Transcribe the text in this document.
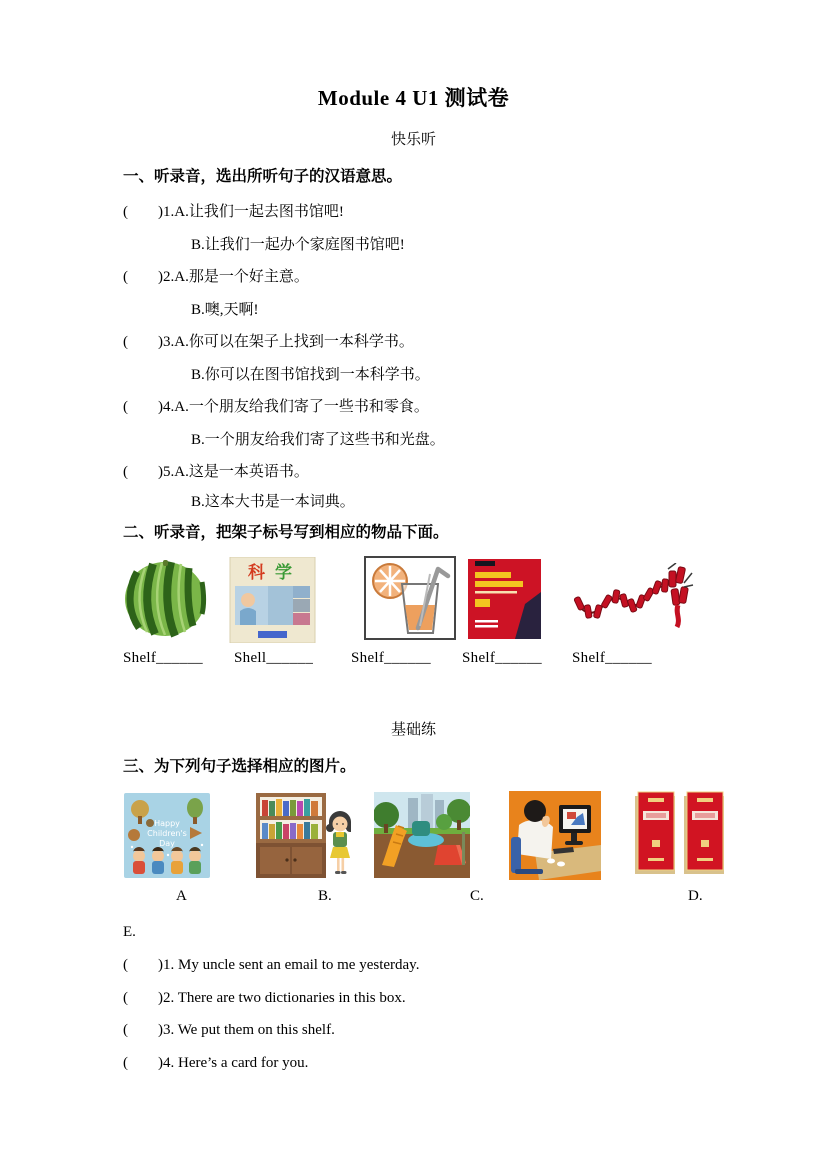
Module 4 U1 测试卷
快乐听
一、听录音，选出所听句子的汉语意思。
(        )1.A.让我们一起去图书馆吧!
B.让我们一起办个家庭图书馆吧!
(        )2.A.那是一个好主意。
B.噢,天啊!
(        )3.A.你可以在架子上找到一本科学书。
B.你可以在图书馆找到一本科学书。
(        )4.A.一个朋友给我们寄了一些书和零食。
B.一个朋友给我们寄了这些书和光盘。
(        )5.A.这是一本英语书。
B.这本大书是一本词典。
二、听录音，把架子标号写到相应的物品下面。
科 学
Shelf______ Shell______	Shelf______ Shelf______ Shelf______
基础练
三、为下列句子选择相应的图片。
Happy
Children's
Day
A	B.	C.	D.
E.
(        )1. My uncle sent an email to me yesterday.
(        )2. There are two dictionaries in this box.
(        )3. We put them on this shelf.
(        )4. Here’s a card for you.
